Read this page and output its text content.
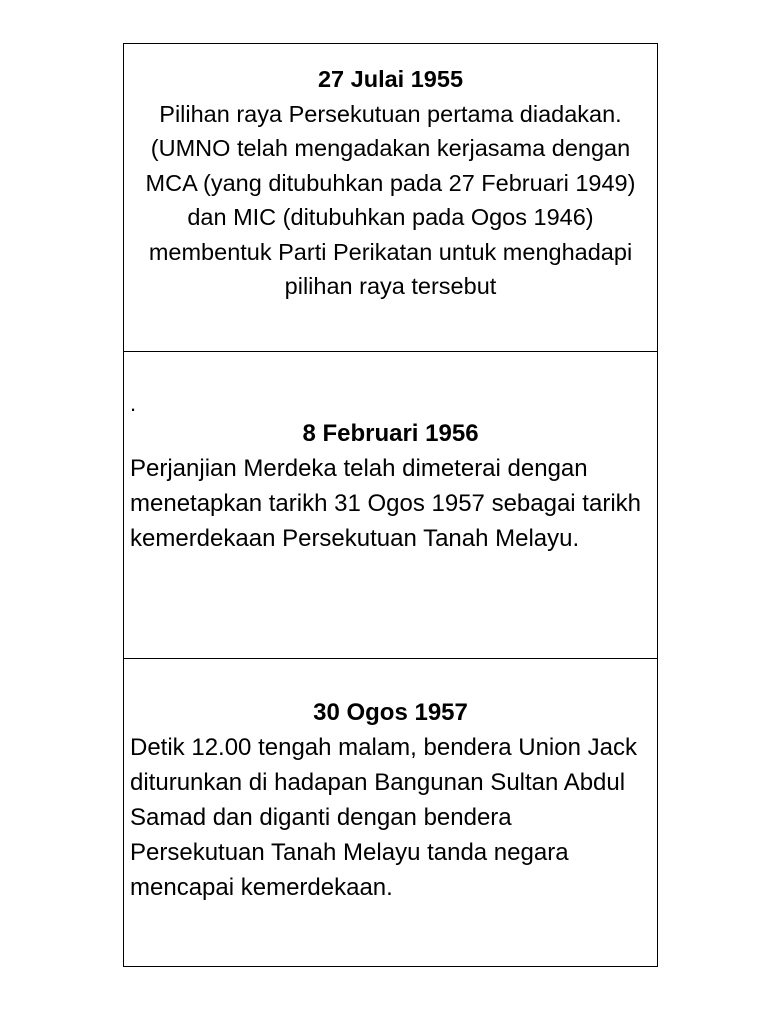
27 Julai 1955
Pilihan raya Persekutuan pertama diadakan. (UMNO telah mengadakan kerjasama dengan MCA (yang ditubuhkan pada 27 Februari 1949) dan MIC (ditubuhkan pada Ogos 1946) membentuk Parti Perikatan untuk menghadapi pilihan raya tersebut
.
8 Februari 1956
Perjanjian Merdeka telah dimeterai dengan menetapkan tarikh 31 Ogos 1957 sebagai tarikh kemerdekaan Persekutuan Tanah Melayu.
30 Ogos 1957
Detik 12.00 tengah malam, bendera Union Jack diturunkan di hadapan Bangunan Sultan Abdul Samad dan diganti dengan bendera Persekutuan Tanah Melayu tanda negara mencapai kemerdekaan.
